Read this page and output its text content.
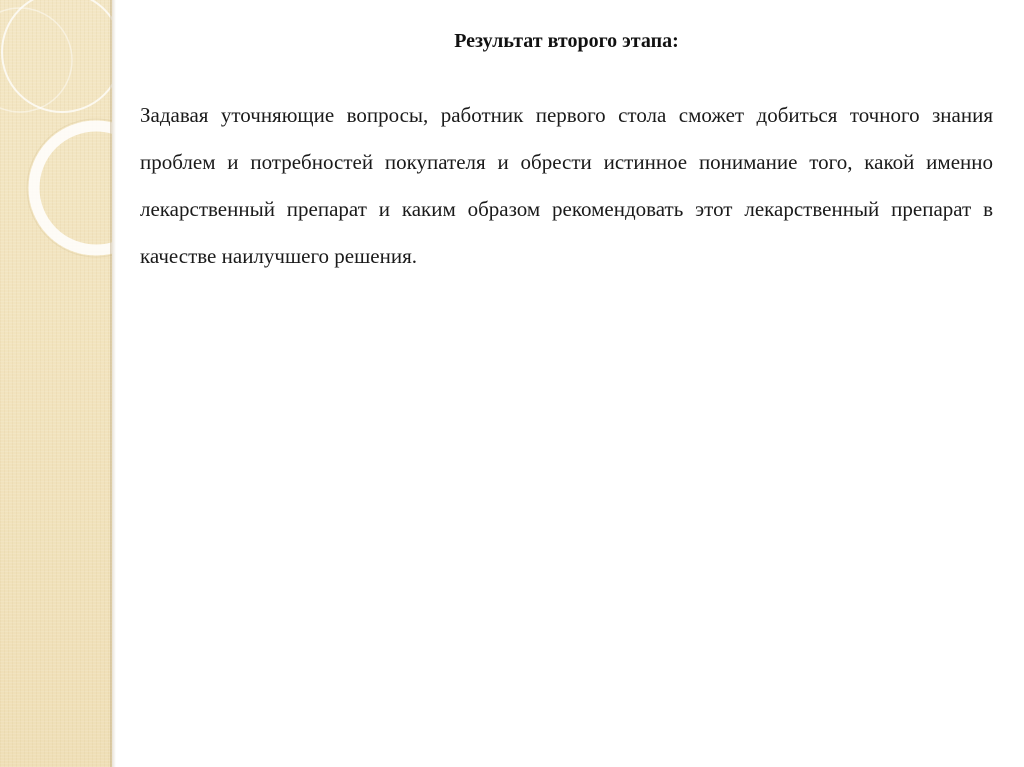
Результат второго этапа:

Задавая уточняющие вопросы, работник первого стола сможет добиться точного знания проблем и потребностей покупателя и обрести истинное понимание того, какой именно лекарственный препарат и каким образом рекомендовать этот лекарственный препарат в качестве наилучшего решения.
